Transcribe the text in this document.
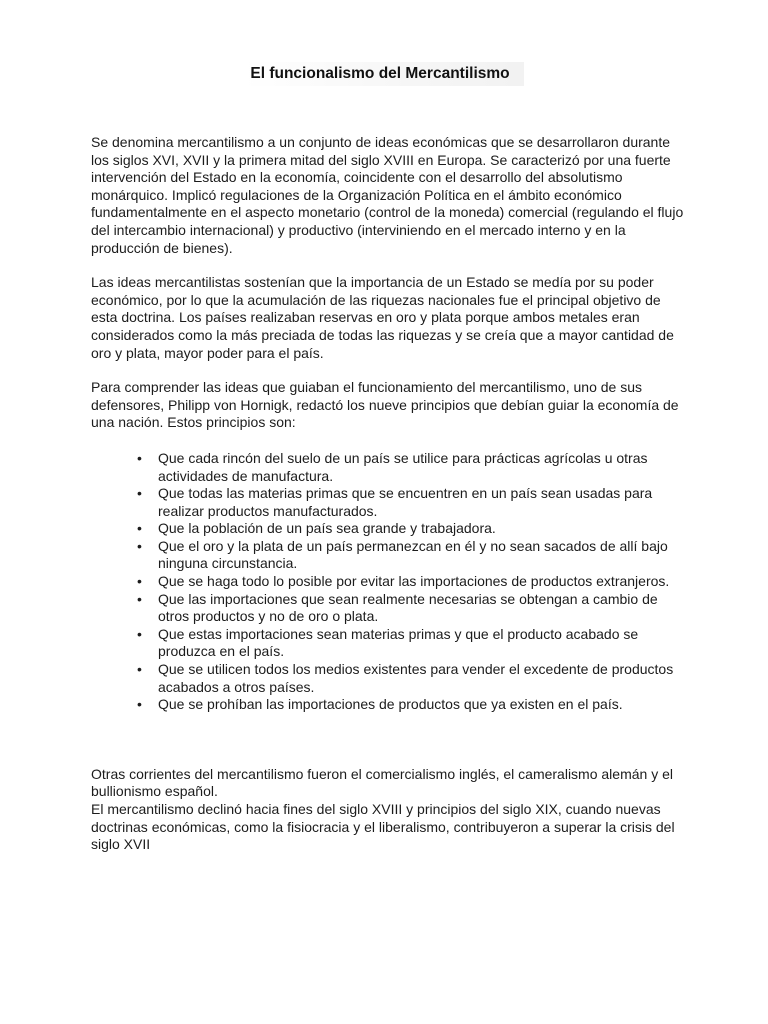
El funcionalismo del Mercantilismo

Se denomina mercantilismo a un conjunto de ideas económicas que se desarrollaron durante los siglos XVI, XVII y la primera mitad del siglo XVIII en Europa. Se caracterizó por una fuerte intervención del Estado en la economía, coincidente con el desarrollo del absolutismo monárquico. Implicó regulaciones de la Organización Política en el ámbito económico fundamentalmente en el aspecto monetario (control de la moneda) comercial (regulando el flujo del intercambio internacional) y productivo (interviniendo en el mercado interno y en la producción de bienes).

Las ideas mercantilistas sostenían que la importancia de un Estado se medía por su poder económico, por lo que la acumulación de las riquezas nacionales fue el principal objetivo de esta doctrina. Los países realizaban reservas en oro y plata porque ambos metales eran considerados como la más preciada de todas las riquezas y se creía que a mayor cantidad de oro y plata, mayor poder para el país.

Para comprender las ideas que guiaban el funcionamiento del mercantilismo, uno de sus defensores, Philipp von Hornigk, redactó los nueve principios que debían guiar la economía de una nación. Estos principios son:

• Que cada rincón del suelo de un país se utilice para prácticas agrícolas u otras actividades de manufactura.
• Que todas las materias primas que se encuentren en un país sean usadas para realizar productos manufacturados.
• Que la población de un país sea grande y trabajadora.
• Que el oro y la plata de un país permanezcan en él y no sean sacados de allí bajo ninguna circunstancia.
• Que se haga todo lo posible por evitar las importaciones de productos extranjeros.
• Que las importaciones que sean realmente necesarias se obtengan a cambio de otros productos y no de oro o plata.
• Que estas importaciones sean materias primas y que el producto acabado se produzca en el país.
• Que se utilicen todos los medios existentes para vender el excedente de productos acabados a otros países.
• Que se prohíban las importaciones de productos que ya existen en el país.

Otras corrientes del mercantilismo fueron el comercialismo inglés, el cameralismo alemán y el bullionismo español.

El mercantilismo declinó hacia fines del siglo XVIII y principios del siglo XIX, cuando nuevas doctrinas económicas, como la fisiocracia y el liberalismo, contribuyeron a superar la crisis del siglo XVII
